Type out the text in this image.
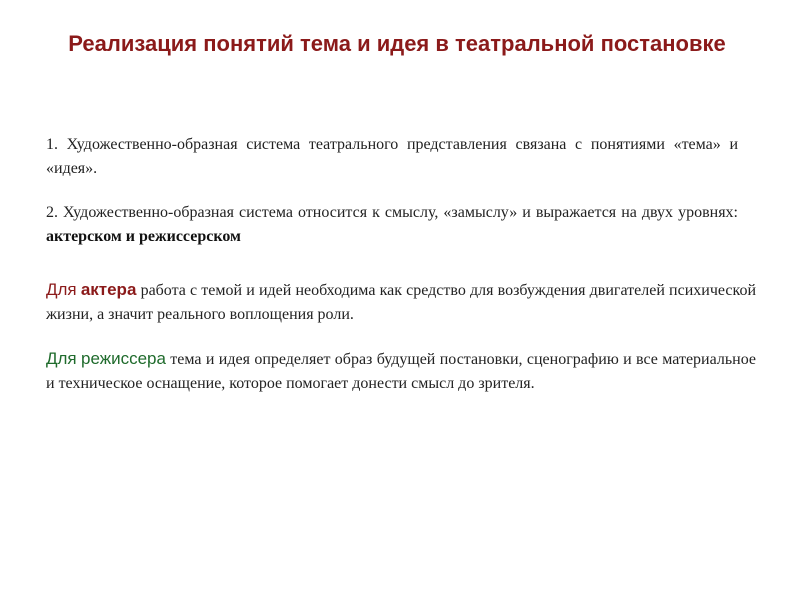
Реализация понятий тема и идея в театральной постановке

1. Художественно-образная система театрального представления связана с понятиями «тема» и «идея».

2. Художественно-образная система относится к смыслу, «замыслу» и выражается на двух уровнях: актерском и режиссерском

Для актера работа с темой и идей необходима как средство для возбуждения двигателей психической жизни, а значит реального воплощения роли.

Для режиссера тема и идея определяет образ будущей постановки, сценографию и все материальное и техническое оснащение, которое помогает донести смысл до зрителя.
